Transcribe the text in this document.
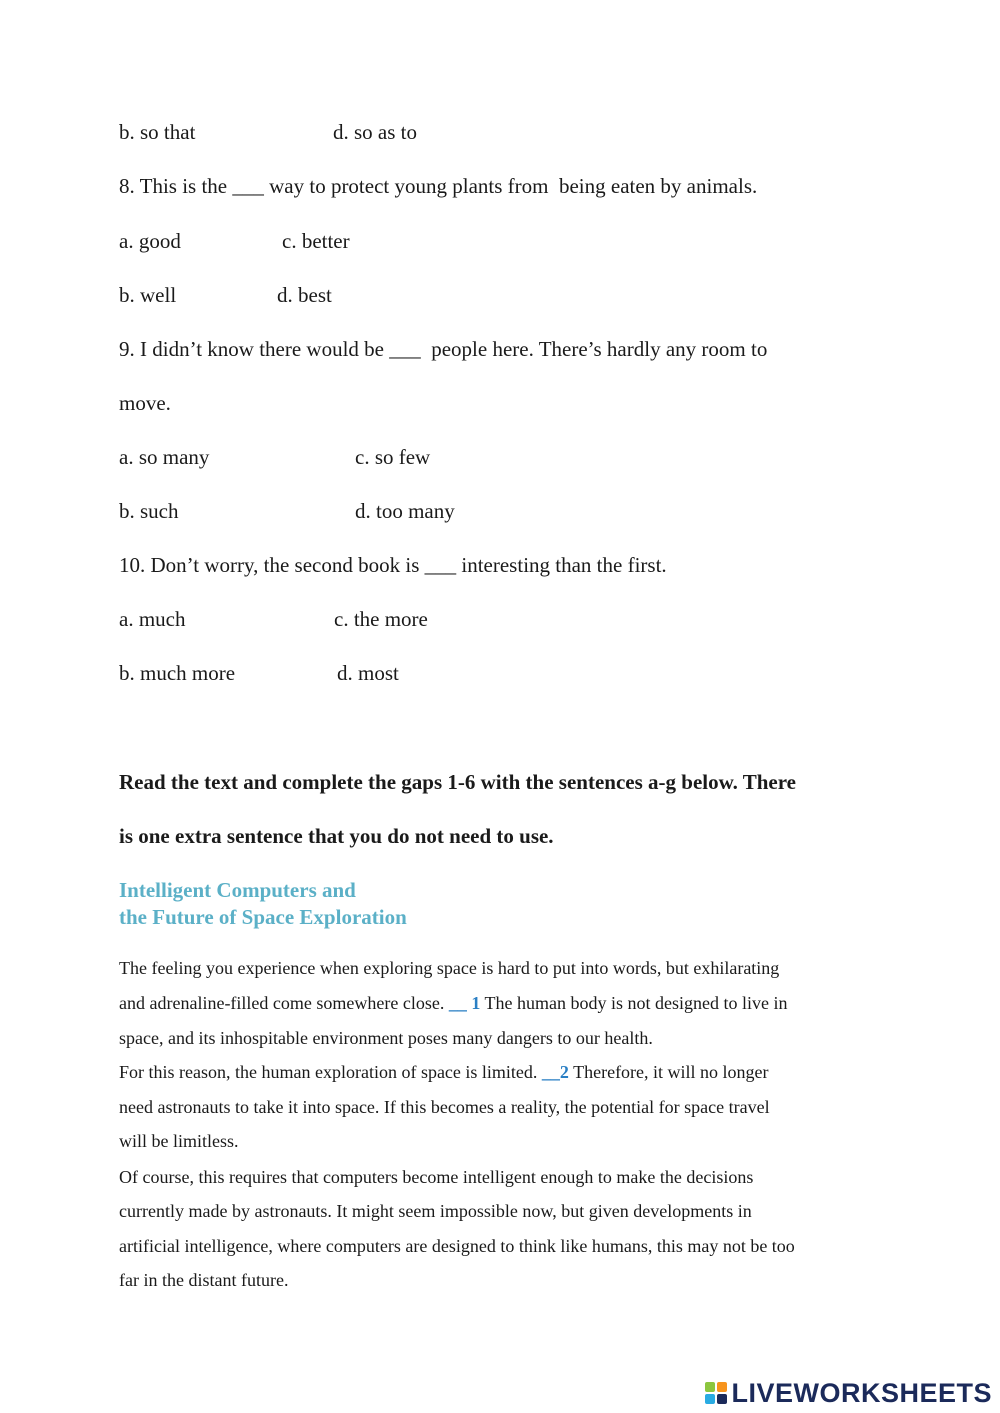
b. so that	d. so as to
8. This is the ___ way to protect young plants from  being eaten by animals.
a. good	c. better
b. well	d. best
9. I didn’t know there would be ___  people here. There’s hardly any room to
move.
a. so many	c. so few
b. such	d. too many
10. Don’t worry, the second book is ___ interesting than the first.
a. much	c. the more
b. much more	d. most
Read the text and complete the gaps 1-6 with the sentences a-g below. There
is one extra sentence that you do not need to use.
Intelligent Computers and
the Future of Space Exploration
The feeling you experience when exploring space is hard to put into words, but exhilarating
and adrenaline-filled come somewhere close. __ 1 The human body is not designed to live in
space, and its inhospitable environment poses many dangers to our health.
For this reason, the human exploration of space is limited. __2 Therefore, it will no longer
need astronauts to take it into space. If this becomes a reality, the potential for space travel
will be limitless.
Of course, this requires that computers become intelligent enough to make the decisions
currently made by astronauts. It might seem impossible now, but given developments in
artificial intelligence, where computers are designed to think like humans, this may not be too
far in the distant future.
LIVEWORKSHEETS
